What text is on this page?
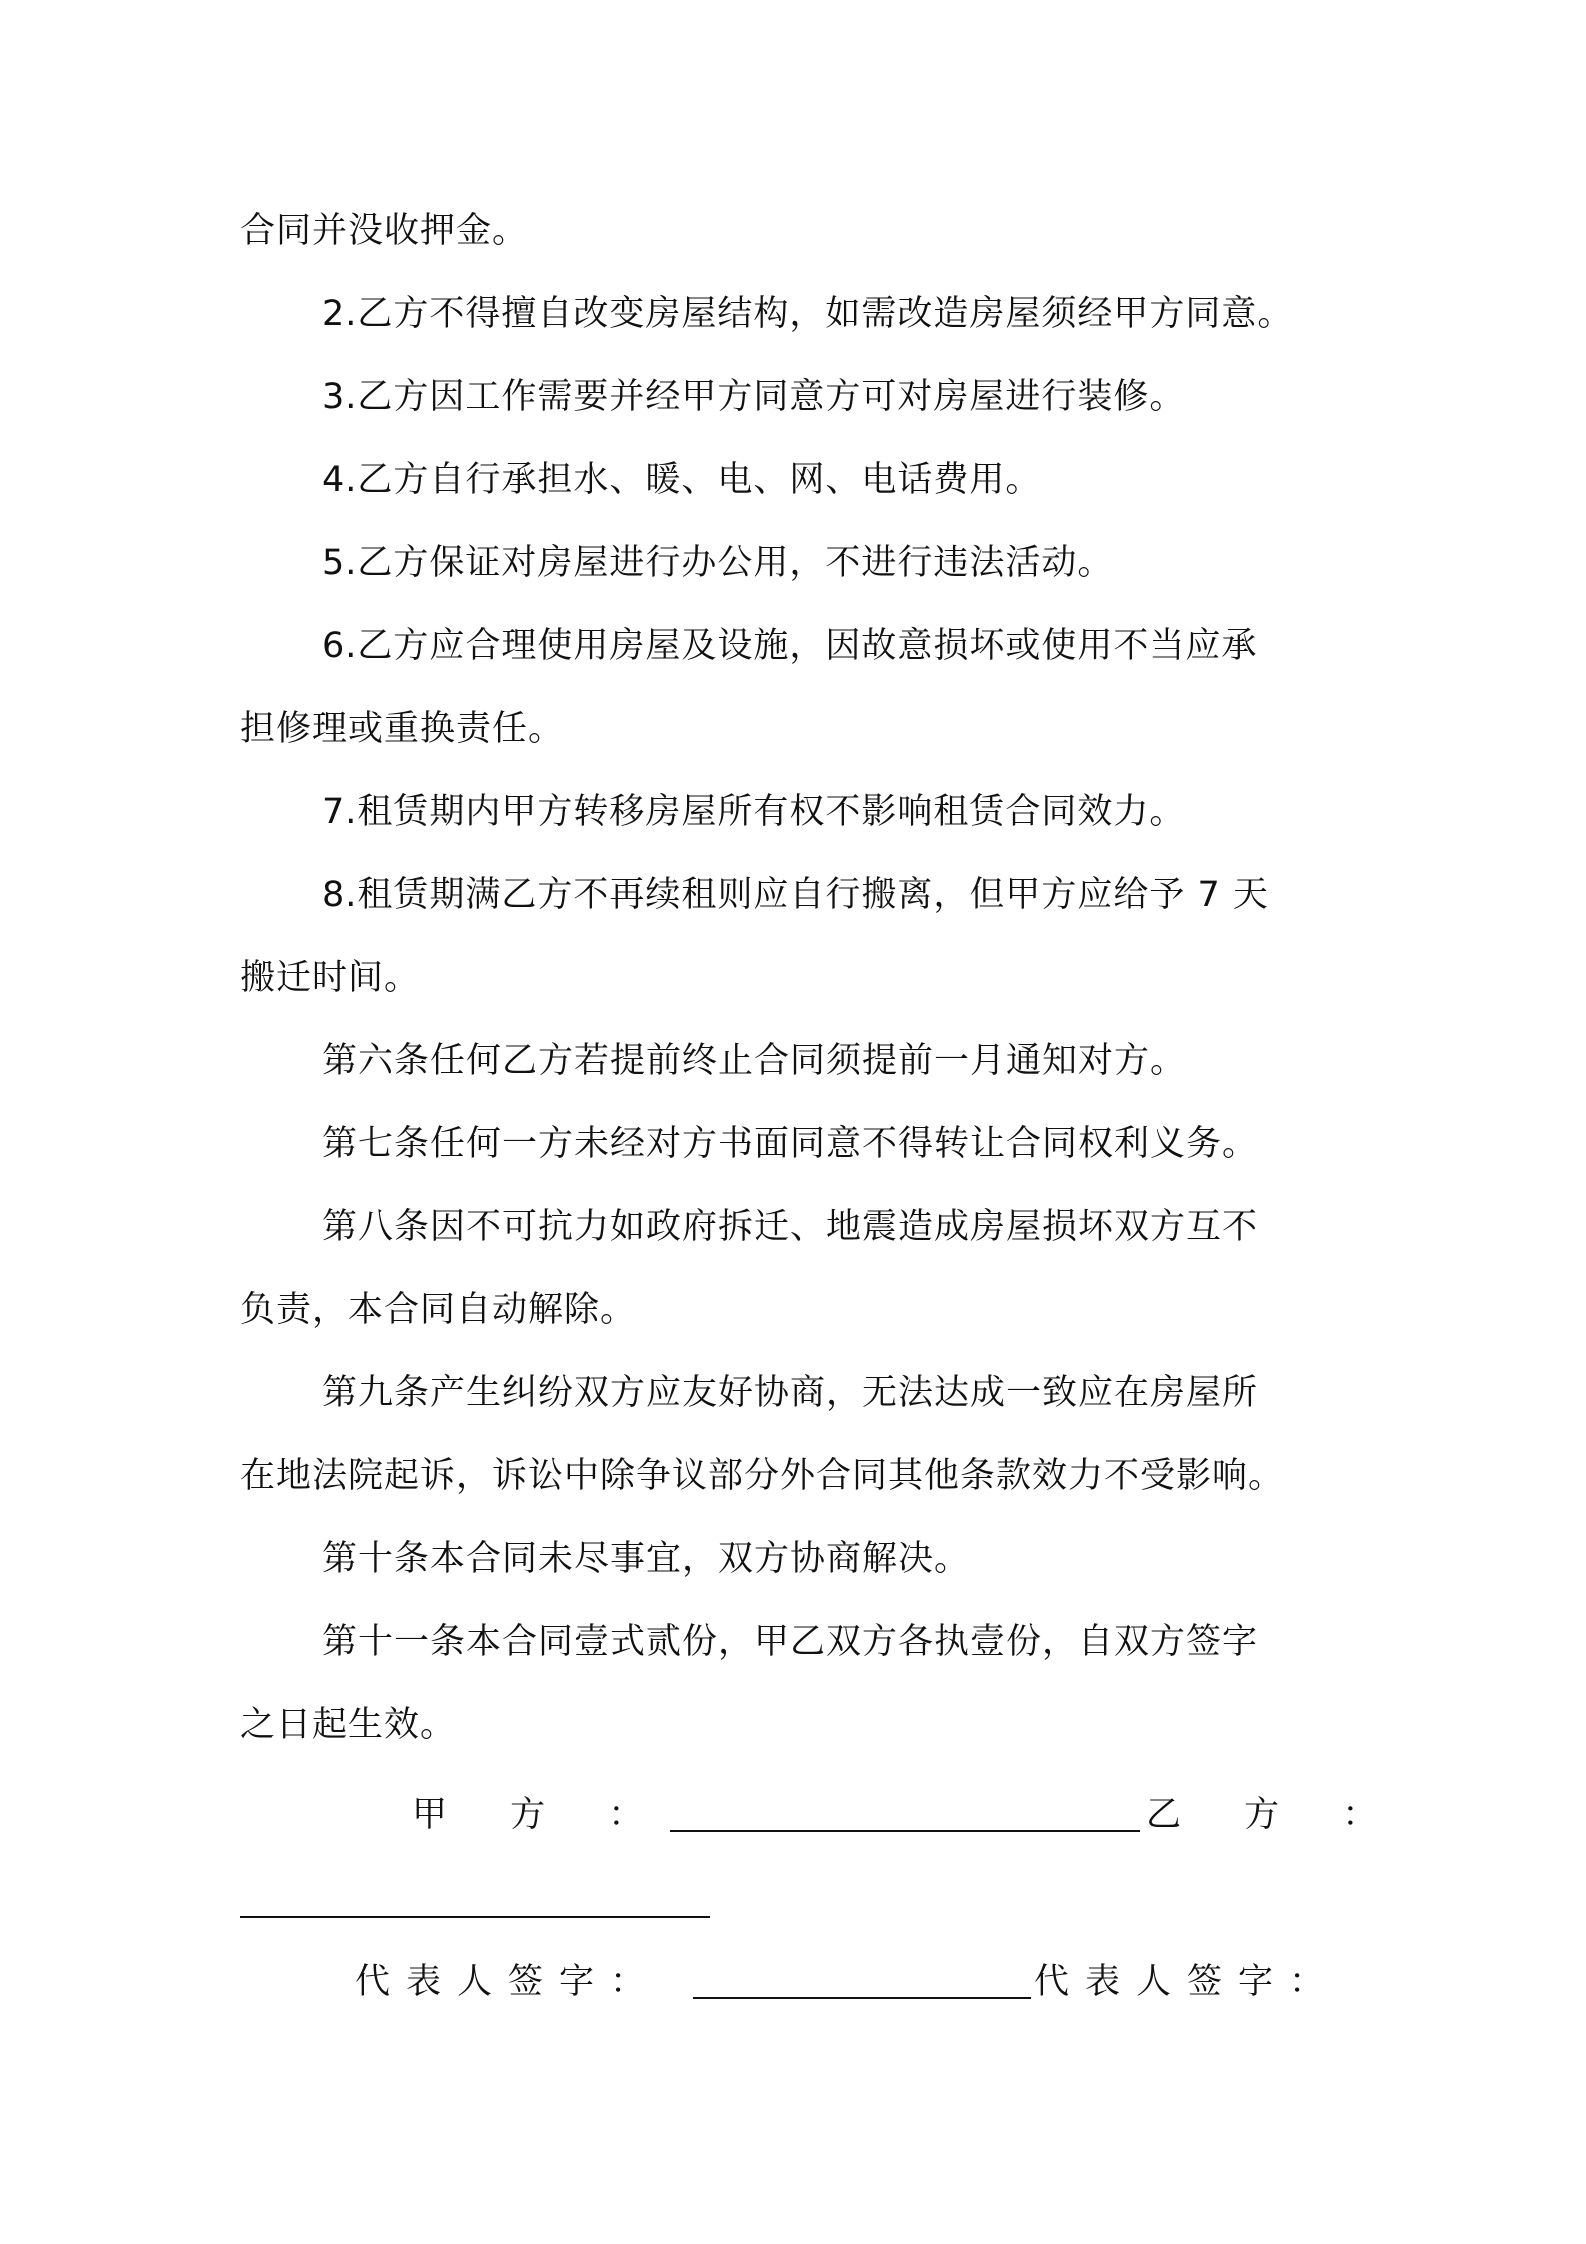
合同并没收押金。
2.乙方不得擅自改变房屋结构，如需改造房屋须经甲方同意。
3.乙方因工作需要并经甲方同意方可对房屋进行装修。
4.乙方自行承担水、暖、电、网、电话费用。
5.乙方保证对房屋进行办公用，不进行违法活动。
6.乙方应合理使用房屋及设施，因故意损坏或使用不当应承
担修理或重换责任。
7.租赁期内甲方转移房屋所有权不影响租赁合同效力。
8.租赁期满乙方不再续租则应自行搬离，但甲方应给予 7 天
搬迁时间。
第六条任何乙方若提前终止合同须提前一月通知对方。
第七条任何一方未经对方书面同意不得转让合同权利义务。
第八条因不可抗力如政府拆迁、地震造成房屋损坏双方互不
负责，本合同自动解除。
第九条产生纠纷双方应友好协商，无法达成一致应在房屋所
在地法院起诉，诉讼中除争议部分外合同其他条款效力不受影响。
第十条本合同未尽事宜，双方协商解决。
第十一条本合同壹式贰份，甲乙双方各执壹份，自双方签字
之日起生效。
甲 方 ：	乙 方 ：
代表人签字：	代表人签字：
